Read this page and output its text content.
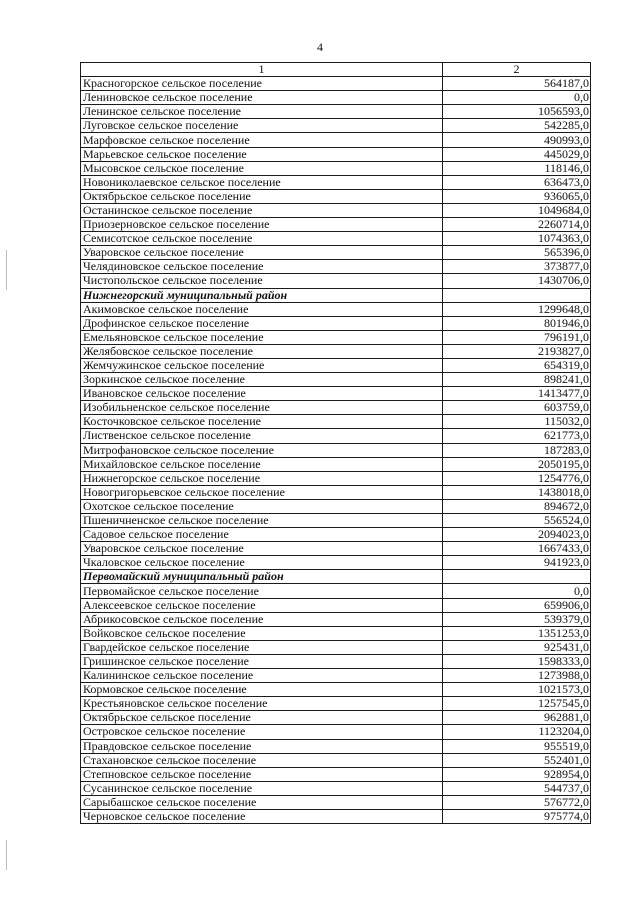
4
1	2
Красногорское сельское поселение	564187,0
Лениновское сельское поселение	0,0
Ленинское сельское поселение	1056593,0
Луговское сельское поселение	542285,0
Марфовское сельское поселение	490993,0
Марьевское сельское поселение	445029,0
Мысовское сельское поселение	118146,0
Новониколаевское сельское поселение	636473,0
Октябрьское сельское поселение	936065,0
Останинское сельское поселение	1049684,0
Приозерновское сельское поселение	2260714,0
Семисотское сельское поселение	1074363,0
Уваровское сельское поселение	565396,0
Челядиновское сельское поселение	373877,0
Чистопольское сельское поселение	1430706,0
Нижнегорский муниципальный район	
Акимовское сельское поселение	1299648,0
Дрофинское сельское поселение	801946,0
Емельяновское сельское поселение	796191,0
Желябовское сельское поселение	2193827,0
Жемчужинское сельское поселение	654319,0
Зоркинское сельское поселение	898241,0
Ивановское сельское поселение	1413477,0
Изобильненское сельское поселение	603759,0
Косточковское сельское поселение	115032,0
Лиственское сельское поселение	621773,0
Митрофановское сельское поселение	187283,0
Михайловское сельское поселение	2050195,0
Нижнегорское сельское поселение	1254776,0
Новогригорьевское сельское поселение	1438018,0
Охотское сельское поселение	894672,0
Пшеничненское сельское поселение	556524,0
Садовое сельское поселение	2094023,0
Уваровское сельское поселение	1667433,0
Чкаловское сельское поселение	941923,0
Первомайский муниципальный район	
Первомайское сельское поселение	0,0
Алексеевское сельское поселение	659906,0
Абрикосовское сельское поселение	539379,0
Войковское сельское поселение	1351253,0
Гвардейское сельское поселение	925431,0
Гришинское сельское поселение	1598333,0
Калининское сельское поселение	1273988,0
Кормовское сельское поселение	1021573,0
Крестьяновское сельское поселение	1257545,0
Октябрьское сельское поселение	962881,0
Островское сельское поселение	1123204,0
Правдовское сельское поселение	955519,0
Стахановское сельское поселение	552401,0
Степновское сельское поселение	928954,0
Сусанинское сельское поселение	544737,0
Сарыбашское сельское поселение	576772,0
Черновское сельское поселение	975774,0
